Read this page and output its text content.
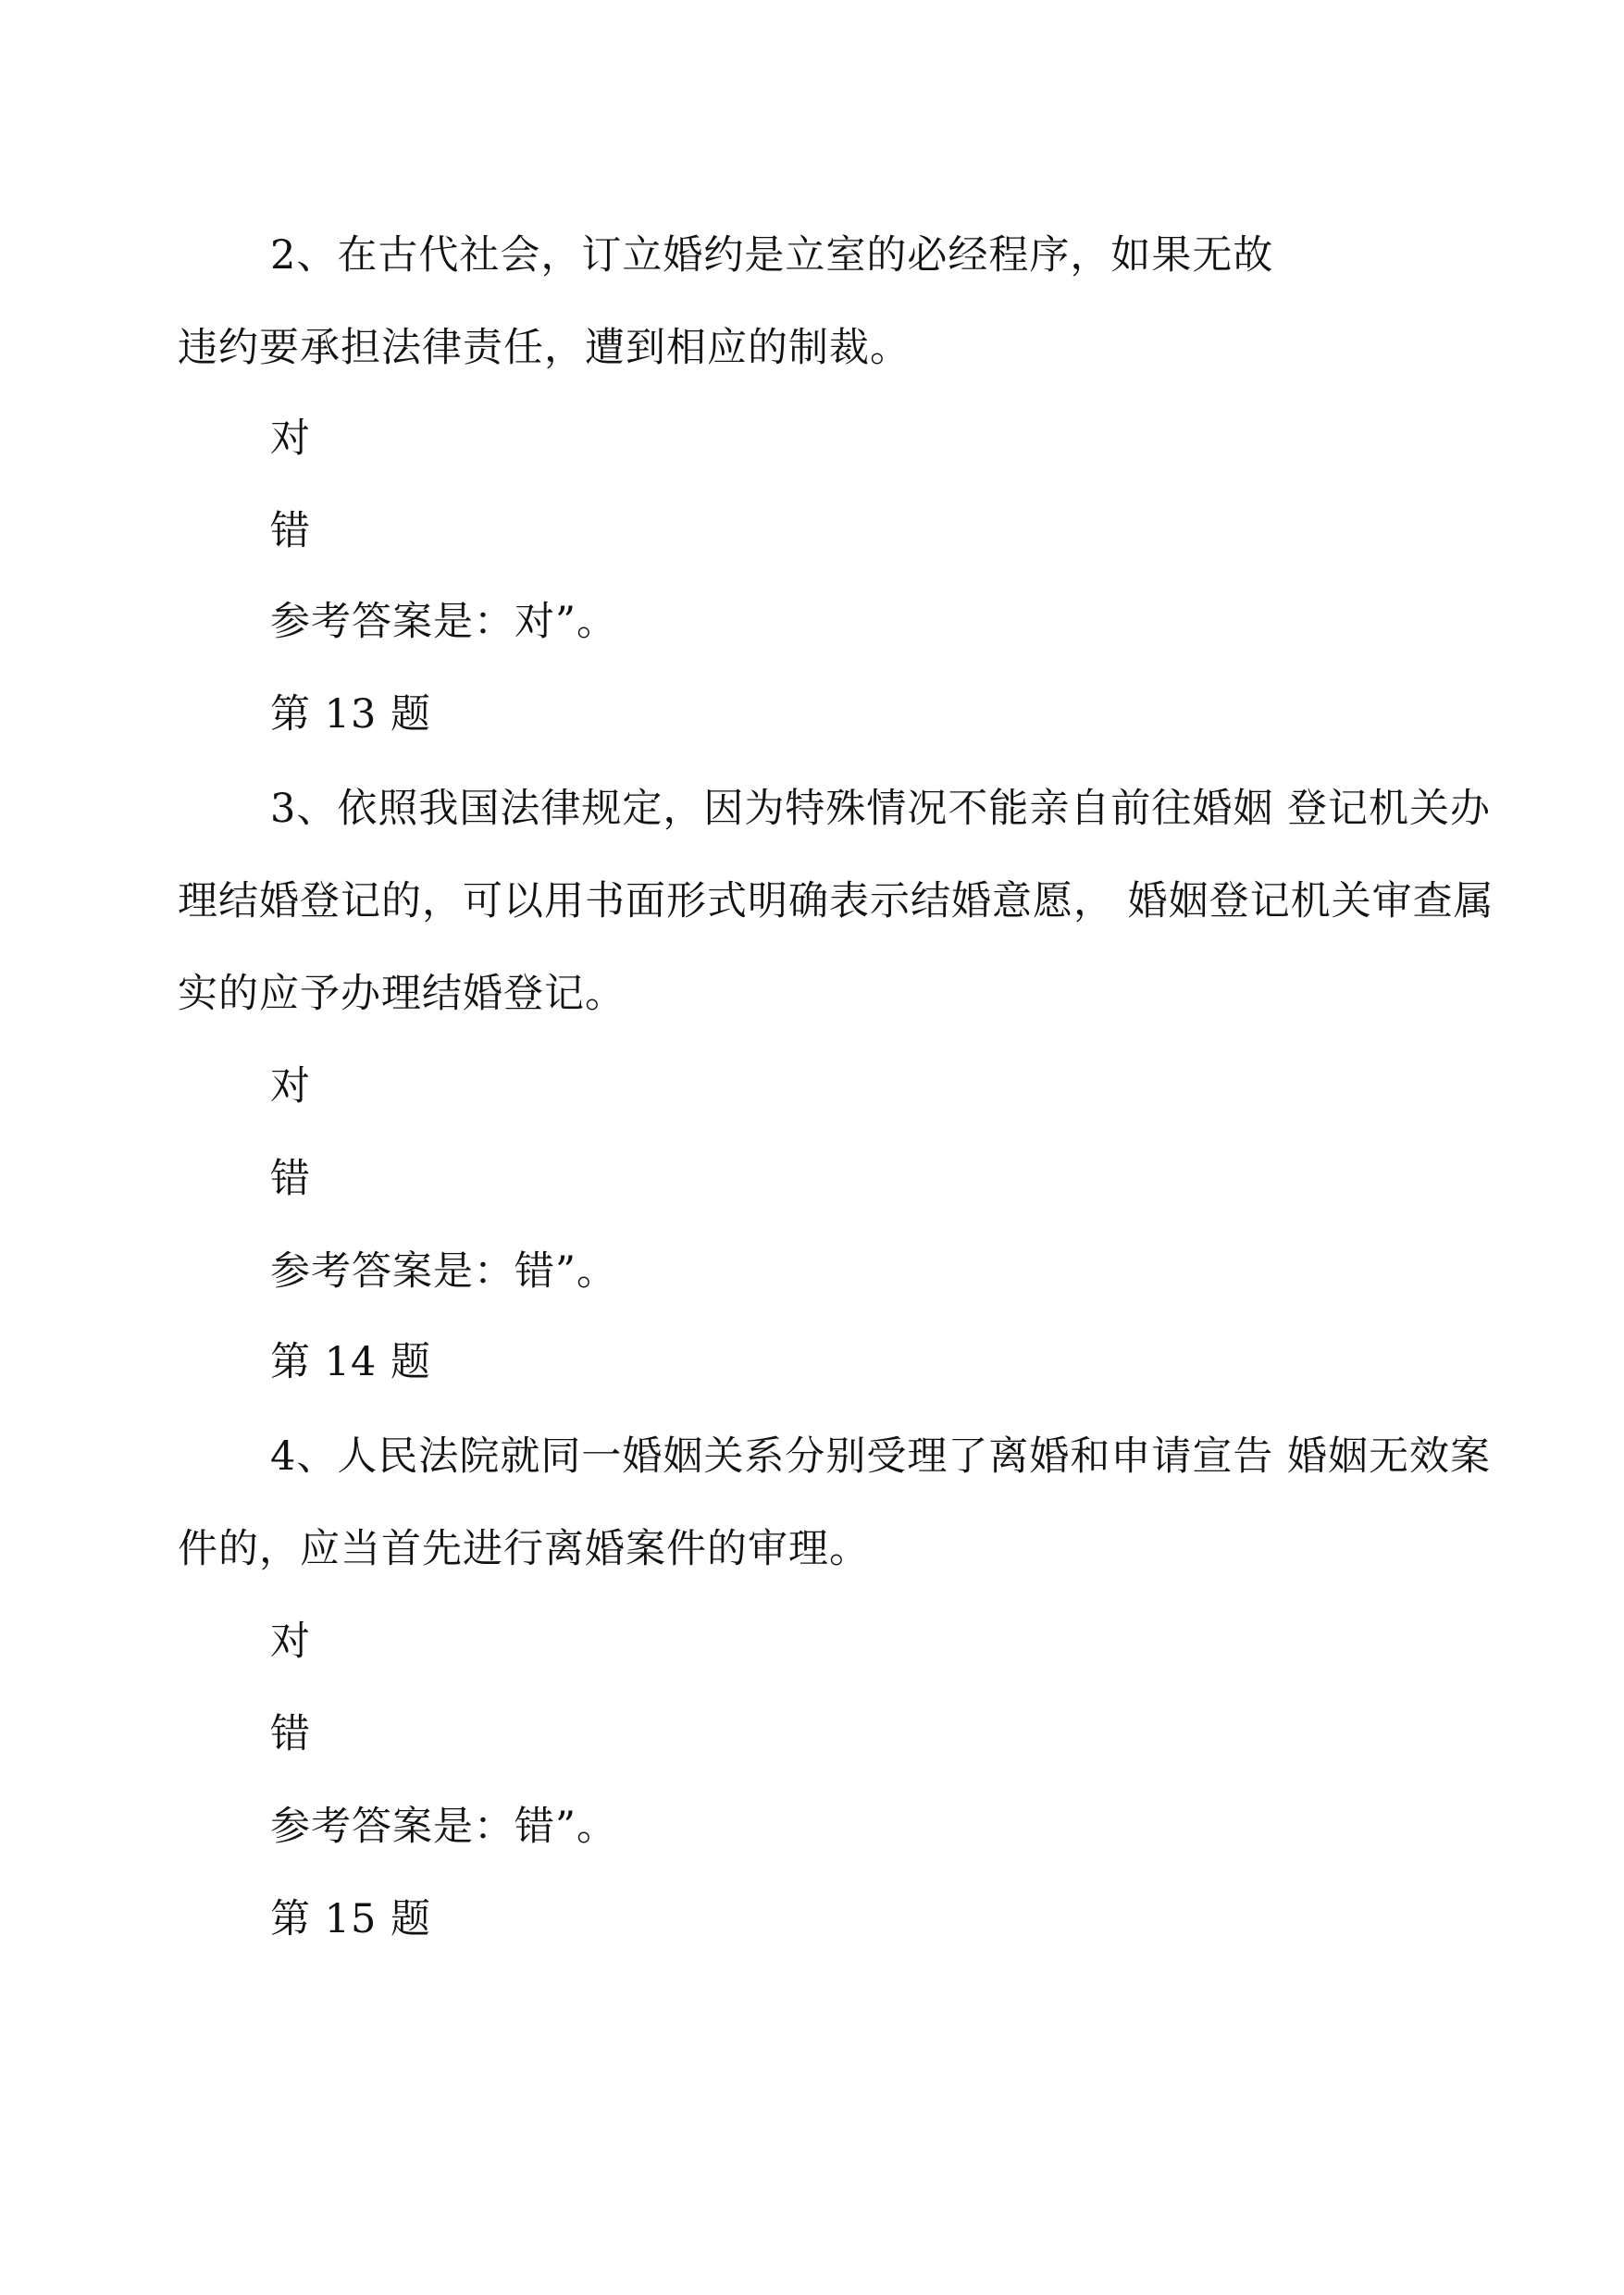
2、在古代社会，订立婚约是立室的必经程序，如果无故
违约要承担法律责任，遭到相应的制裁。
对
错
参考答案是：对”。
第 13 题
3、依照我国法律规定，因为特殊情况不能亲自前往婚姻 登记机关办
理结婚登记的，可以用书面形式明确表示结婚意愿， 婚姻登记机关审查属
实的应予办理结婚登记。
对
错
参考答案是：错”。
第 14 题
4、人民法院就同一婚姻关系分别受理了离婚和申请宣告 婚姻无效案
件的，应当首先进行离婚案件的审理。
对
错
参考答案是：错”。
第 15 题
